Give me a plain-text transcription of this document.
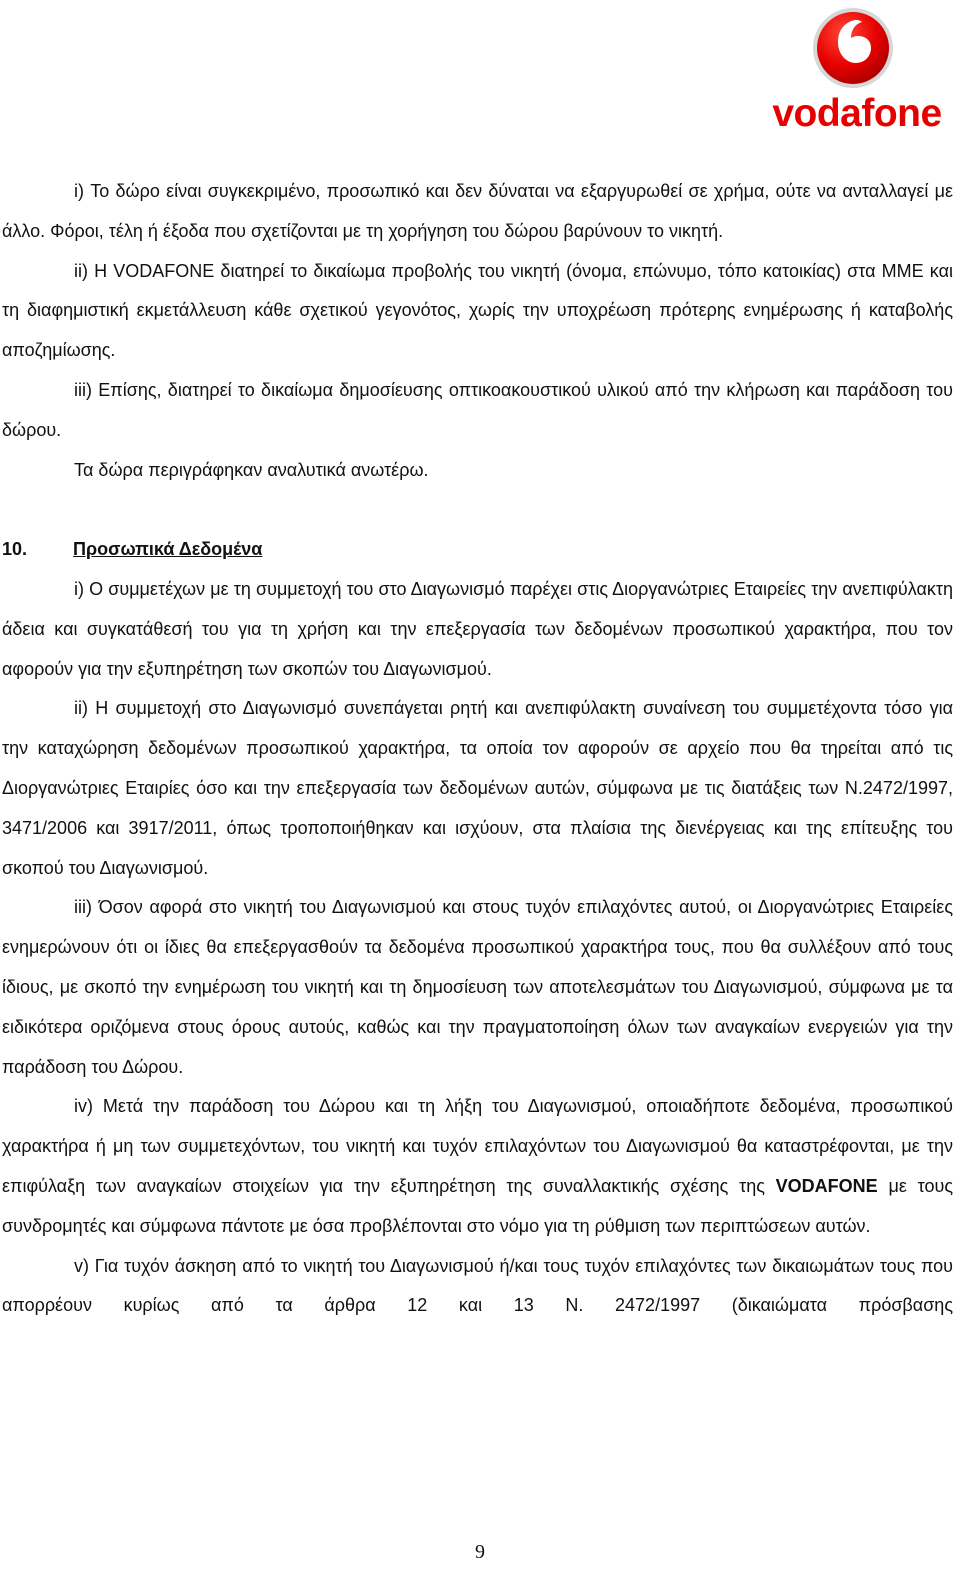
vodafone

i) Το δώρο είναι συγκεκριμένο, προσωπικό και δεν δύναται να εξαργυρωθεί σε χρήμα, ούτε να ανταλλαγεί με άλλο. Φόροι, τέλη ή έξοδα που σχετίζονται με τη χορήγηση του δώρου βαρύνουν το νικητή.

ii) Η VODAFONE διατηρεί το δικαίωμα προβολής του νικητή (όνομα, επώνυμο, τόπο κατοικίας) στα ΜΜΕ και τη διαφημιστική εκμετάλλευση κάθε σχετικού γεγονότος, χωρίς την υποχρέωση πρότερης ενημέρωσης ή καταβολής αποζημίωσης.

iii) Επίσης, διατηρεί το δικαίωμα δημοσίευσης οπτικοακουστικού υλικού από την κλήρωση και παράδοση του δώρου.

Τα δώρα περιγράφηκαν αναλυτικά ανωτέρω.

10.	Προσωπικά Δεδομένα

i) Ο συμμετέχων με τη συμμετοχή του στο Διαγωνισμό παρέχει στις Διοργανώτριες Εταιρείες την ανεπιφύλακτη άδεια και συγκατάθεσή του για τη χρήση και την επεξεργασία των δεδομένων προσωπικού χαρακτήρα, που τον αφορούν για την εξυπηρέτηση των σκοπών του Διαγωνισμού.

ii) Η συμμετοχή στο Διαγωνισμό συνεπάγεται ρητή και ανεπιφύλακτη συναίνεση του συμμετέχοντα τόσο για την καταχώρηση δεδομένων προσωπικού χαρακτήρα, τα οποία τον αφορούν σε αρχείο που θα τηρείται από τις Διοργανώτριες Εταιρίες όσο και την επεξεργασία των δεδομένων αυτών, σύμφωνα με τις διατάξεις των Ν.2472/1997, 3471/2006 και 3917/2011, όπως τροποποιήθηκαν και ισχύουν, στα πλαίσια της διενέργειας και της επίτευξης του σκοπού του Διαγωνισμού.

iii) Όσον αφορά στο νικητή του Διαγωνισμού και στους τυχόν επιλαχόντες αυτού, οι Διοργανώτριες Εταιρείες ενημερώνουν ότι οι ίδιες θα επεξεργασθούν τα δεδομένα προσωπικού χαρακτήρα τους, που θα συλλέξουν από τους ίδιους, με σκοπό την ενημέρωση του νικητή και τη δημοσίευση των αποτελεσμάτων του Διαγωνισμού, σύμφωνα με τα ειδικότερα οριζόμενα στους όρους αυτούς, καθώς και την πραγματοποίηση όλων των αναγκαίων ενεργειών για την παράδοση του Δώρου.

iv) Μετά την παράδοση του Δώρου και τη λήξη του Διαγωνισμού, οποιαδήποτε δεδομένα, προσωπικού χαρακτήρα ή μη των συμμετεχόντων, του νικητή και τυχόν επιλαχόντων του Διαγωνισμού θα καταστρέφονται, με την επιφύλαξη των αναγκαίων στοιχείων για την εξυπηρέτηση της συναλλακτικής σχέσης της VODAFONE με τους συνδρομητές και σύμφωνα πάντοτε με όσα προβλέπονται στο νόμο για τη ρύθμιση των περιπτώσεων αυτών.

v) Για τυχόν άσκηση από το νικητή του Διαγωνισμού ή/και τους τυχόν επιλαχόντες των δικαιωμάτων τους που απορρέουν κυρίως από τα άρθρα 12 και 13 Ν. 2472/1997 (δικαιώματα πρόσβασης

9
